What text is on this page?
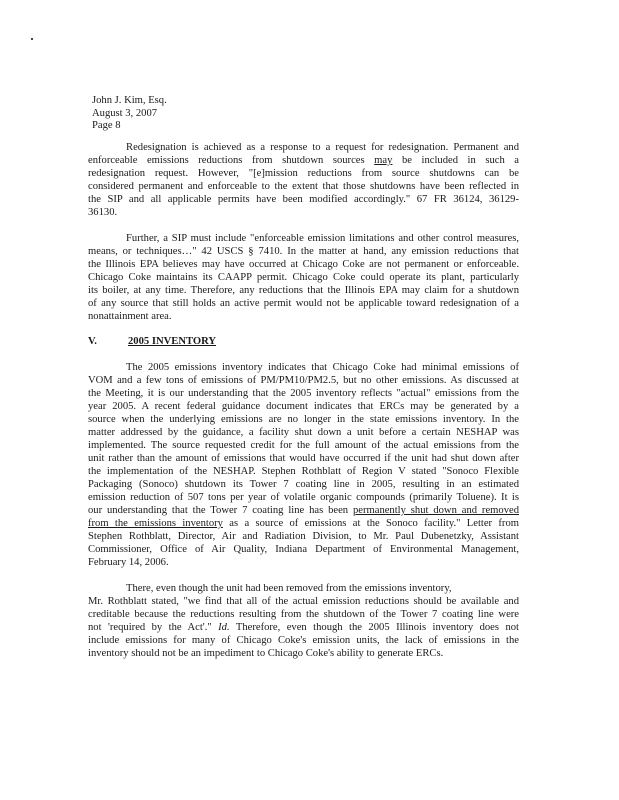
John J. Kim, Esq.
August 3, 2007
Page 8
Redesignation is achieved as a response to a request for redesignation. Permanent and
enforceable emissions reductions from shutdown sources may be included in such a
redesignation request. However, "[e]mission reductions from source shutdowns can be
considered permanent and enforceable to the extent that those shutdowns have been reflected in
the SIP and all applicable permits have been modified accordingly." 67 FR 36124, 36129-
36130.
Further, a SIP must include "enforceable emission limitations and other control measures,
means, or techniques…" 42 USCS § 7410. In the matter at hand, any emission reductions that
the Illinois EPA believes may have occurred at Chicago Coke are not permanent or enforceable.
Chicago Coke maintains its CAAPP permit. Chicago Coke could operate its plant, particularly
its boiler, at any time. Therefore, any reductions that the Illinois EPA may claim for a shutdown
of any source that still holds an active permit would not be applicable toward redesignation of a
nonattainment area.
V.	2005 INVENTORY
The 2005 emissions inventory indicates that Chicago Coke had minimal emissions of
VOM and a few tons of emissions of PM/PM10/PM2.5, but no other emissions. As discussed at
the Meeting, it is our understanding that the 2005 inventory reflects "actual" emissions from the
year 2005. A recent federal guidance document indicates that ERCs may be generated by a
source when the underlying emissions are no longer in the state emissions inventory. In the
matter addressed by the guidance, a facility shut down a unit before a certain NESHAP was
implemented. The source requested credit for the full amount of the actual emissions from the
unit rather than the amount of emissions that would have occurred if the unit had shut down after
the implementation of the NESHAP. Stephen Rothblatt of Region V stated "Sonoco Flexible
Packaging (Sonoco) shutdown its Tower 7 coating line in 2005, resulting in an estimated
emission reduction of 507 tons per year of volatile organic compounds (primarily Toluene). It is
our understanding that the Tower 7 coating line has been permanently shut down and removed
from the emissions inventory as a source of emissions at the Sonoco facility." Letter from
Stephen Rothblatt, Director, Air and Radiation Division, to Mr. Paul Dubenetzky, Assistant
Commissioner, Office of Air Quality, Indiana Department of Environmental Management,
February 14, 2006.
There, even though the unit had been removed from the emissions inventory,
Mr. Rothblatt stated, "we find that all of the actual emission reductions should be available and
creditable because the reductions resulting from the shutdown of the Tower 7 coating line were
not 'required by the Act'." Id. Therefore, even though the 2005 Illinois inventory does not
include emissions for many of Chicago Coke's emission units, the lack of emissions in the
inventory should not be an impediment to Chicago Coke's ability to generate ERCs.
